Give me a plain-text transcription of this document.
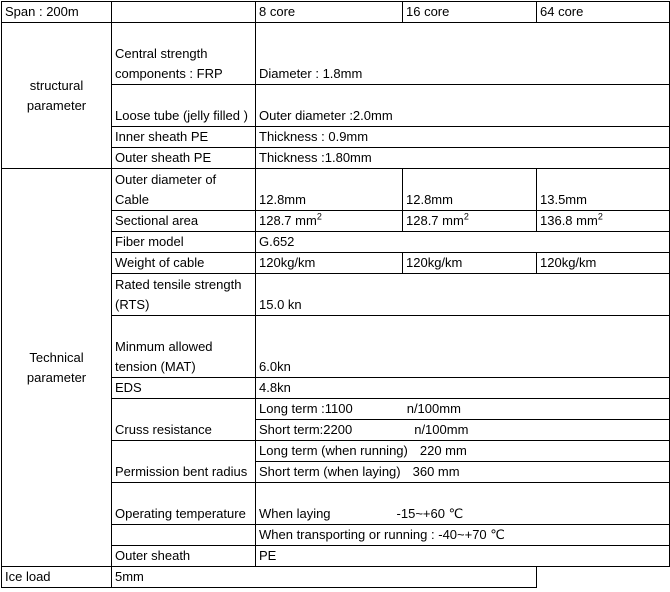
Span : 200m		8 core	16 core	64 core
structural
parameter	Central strength components : FRP	Diameter : 1.8mm		
	Loose tube (jelly filled )	Outer diameter :2.0mm		
	Inner sheath PE	Thickness : 0.9mm		
	Outer sheath PE	Thickness :1.80mm		
Technical
parameter	Outer diameter of Cable	12.8mm	12.8mm	13.5mm
	Sectional area	128.7 $mm^2$	128.7 $mm^2$	136.8 $mm^2$
	Fiber model	G.652		
	Weight of cable	120kg/km	120kg/km	120kg/km
	Rated tensile strength (RTS)	15.0 kn		
	Minmum allowed tension (MAT)	6.0kn		
	EDS	4.8kn		
	Cruss resistance	Long term :1100 n/100mm		
		Short term:2200 n/100mm		
	Permission bent radius	Long term (when running) 220 mm		
		Short term (when laying) 360 mm		
	Operating temperature	When laying -15~+60 ℃		
		When transporting or running : -40~+70 ℃		
	Outer sheath	PE		
Ice load	5mm			
